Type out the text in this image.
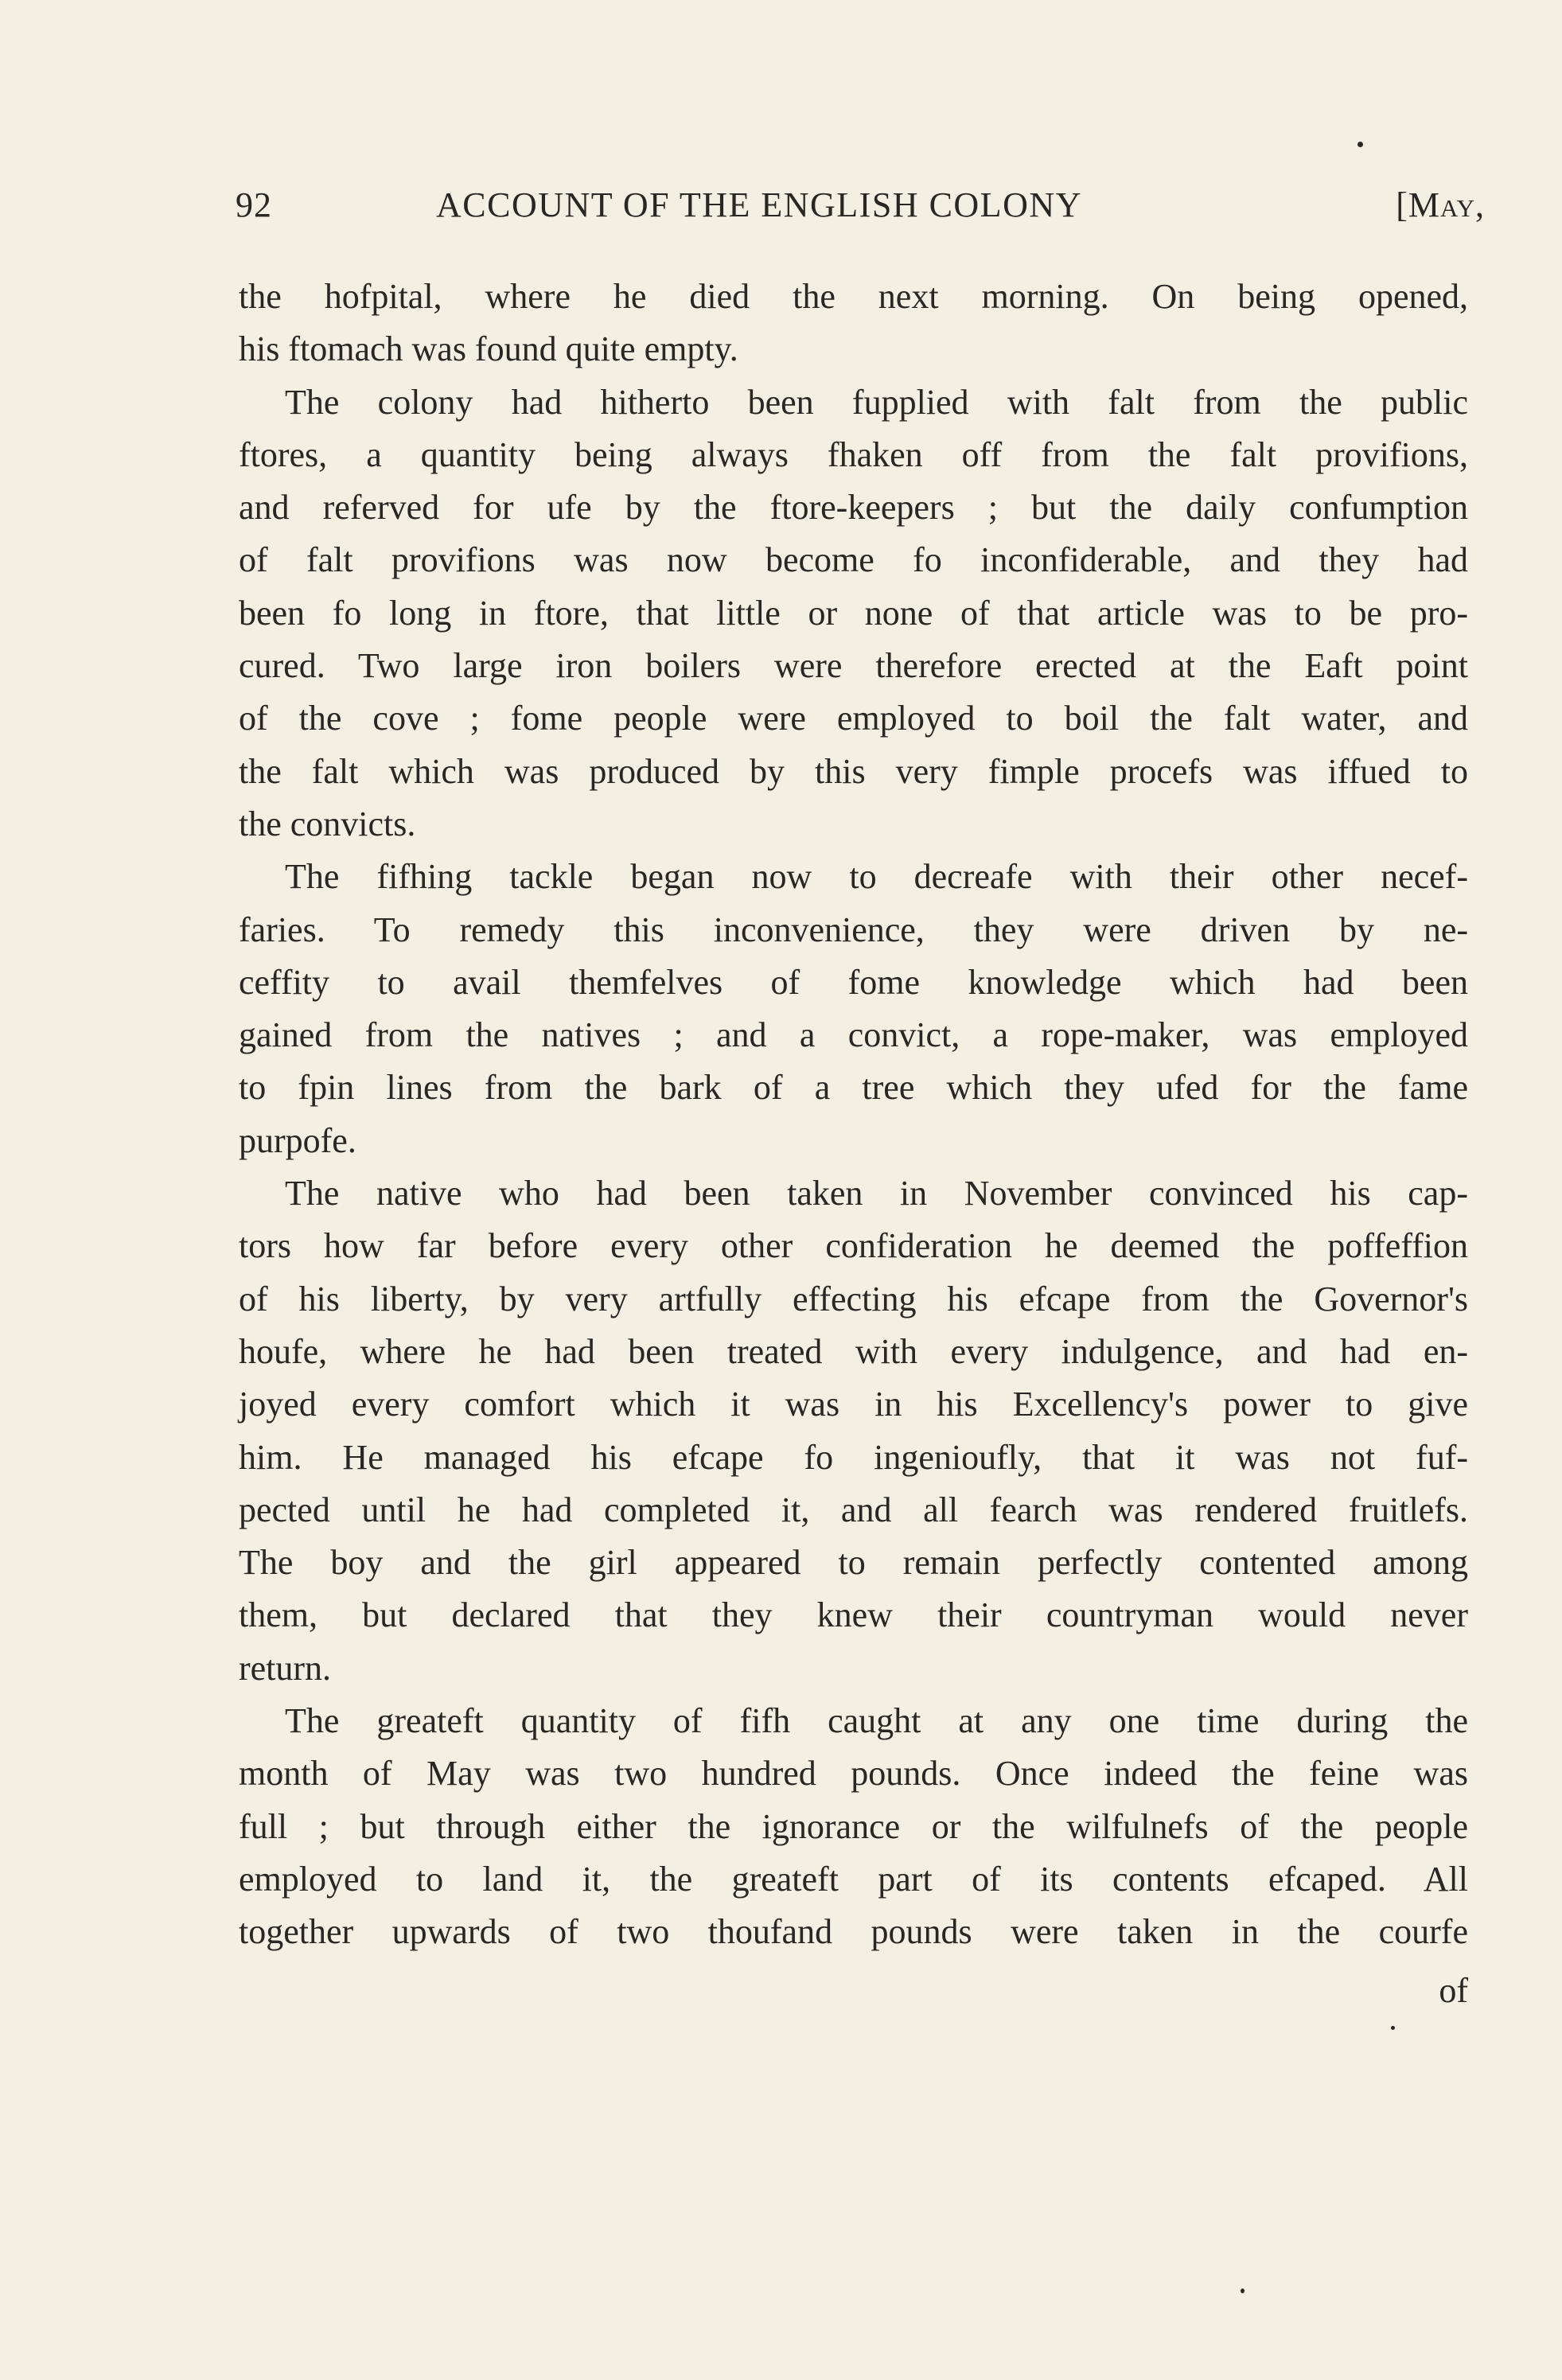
92	ACCOUNT OF THE ENGLISH COLONY	[May,
the hofpital, where he died the next morning. On being opened,
his ftomach was found quite empty.
The colony had hitherto been fupplied with falt from the public
ftores, a quantity being always fhaken off from the falt provifions,
and referved for ufe by the ftore-keepers ; but the daily confumption
of falt provifions was now become fo inconfiderable, and they had
been fo long in ftore, that little or none of that article was to be pro-
cured. Two large iron boilers were therefore erected at the Eaft point
of the cove ; fome people were employed to boil the falt water, and
the falt which was produced by this very fimple procefs was iffued to
the convicts.
The fifhing tackle began now to decreafe with their other necef-
faries. To remedy this inconvenience, they were driven by ne-
ceffity to avail themfelves of fome knowledge which had been
gained from the natives ; and a convict, a rope-maker, was employed
to fpin lines from the bark of a tree which they ufed for the fame
purpofe.
The native who had been taken in November convinced his cap-
tors how far before every other confideration he deemed the poffeffion
of his liberty, by very artfully effecting his efcape from the Governor's
houfe, where he had been treated with every indulgence, and had en-
joyed every comfort which it was in his Excellency's power to give
him. He managed his efcape fo ingenioufly, that it was not fuf-
pected until he had completed it, and all fearch was rendered fruitlefs.
The boy and the girl appeared to remain perfectly contented among
them, but declared that they knew their countryman would never
return.
The greateft quantity of fifh caught at any one time during the
month of May was two hundred pounds. Once indeed the feine was
full ; but through either the ignorance or the wilfulnefs of the people
employed to land it, the greateft part of its contents efcaped. All
together upwards of two thoufand pounds were taken in the courfe
of
